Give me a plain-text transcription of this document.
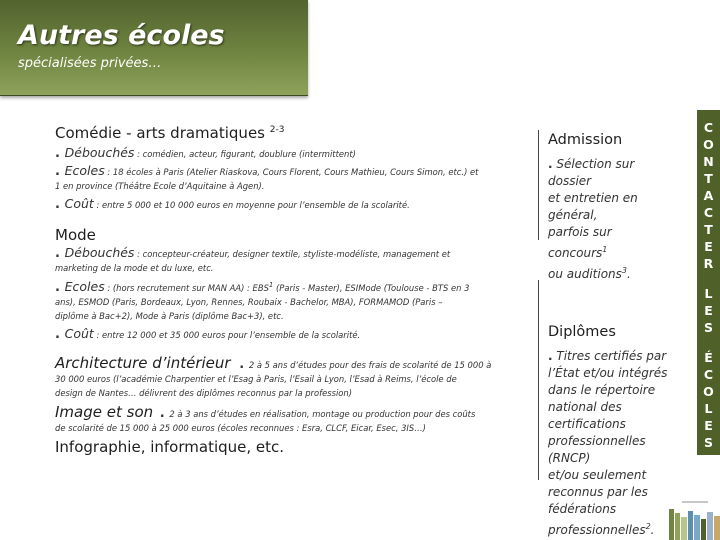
Autres écoles
spécialisées privées…
Comédie - arts dramatiques $^{2-3}$
. Débouchés : comédien, acteur, figurant, doublure (intermittent)
. Ecoles : 18 écoles à Paris (Atelier Riaskova, Cours Florent, Cours Mathieu, Cours Simon, etc.) et
1 en province (Théâtre Ecole d’Aquitaine à Agen).
. Coût : entre 5 000 et 10 000 euros en moyenne pour l’ensemble de la scolarité.
Mode
. Débouchés : concepteur-créateur, designer textile, styliste-modéliste, management et
marketing de la mode et du luxe, etc.
. Ecoles : (hors recrutement sur MAN AA) : EBS$^1$ (Paris - Master), ESIMode (Toulouse - BTS en 3
ans), ESMOD (Paris, Bordeaux, Lyon, Rennes, Roubaix - Bachelor, MBA), FORMAMOD (Paris –
diplôme à Bac+2), Mode à Paris (diplôme Bac+3), etc.
. Coût : entre 12 000 et 35 000 euros pour l’ensemble de la scolarité.
Architecture d’intérieur . 2 à 5 ans d’études pour des frais de scolarité de 15 000 à
30 000 euros (l’académie Charpentier et l’Esag à Paris, l’Esail à Lyon, l’Esad à Reims, l’école de
design de Nantes… délivrent des diplômes reconnus par la profession)
Image et son . 2 à 3 ans d’études en réalisation, montage ou production pour des coûts
de scolarité de 15 000 à 25 000 euros (écoles reconnues : Esra, CLCF, Eicar, Esec, 3IS…)
Infographie, informatique, etc.
Admission
. Sélection sur dossier
et entretien en général,
parfois sur concours$^1$
ou auditions$^3$.
Diplômes
. Titres certifiés par
l’État et/ou intégrés
dans le répertoire
national des
certifications
professionnelles (RNCP)
et/ou seulement
reconnus par les
fédérations
professionnelles$^2$.
C
O
N
T
A
C
T
E
R
L
E
S
É
C
O
L
E
S
